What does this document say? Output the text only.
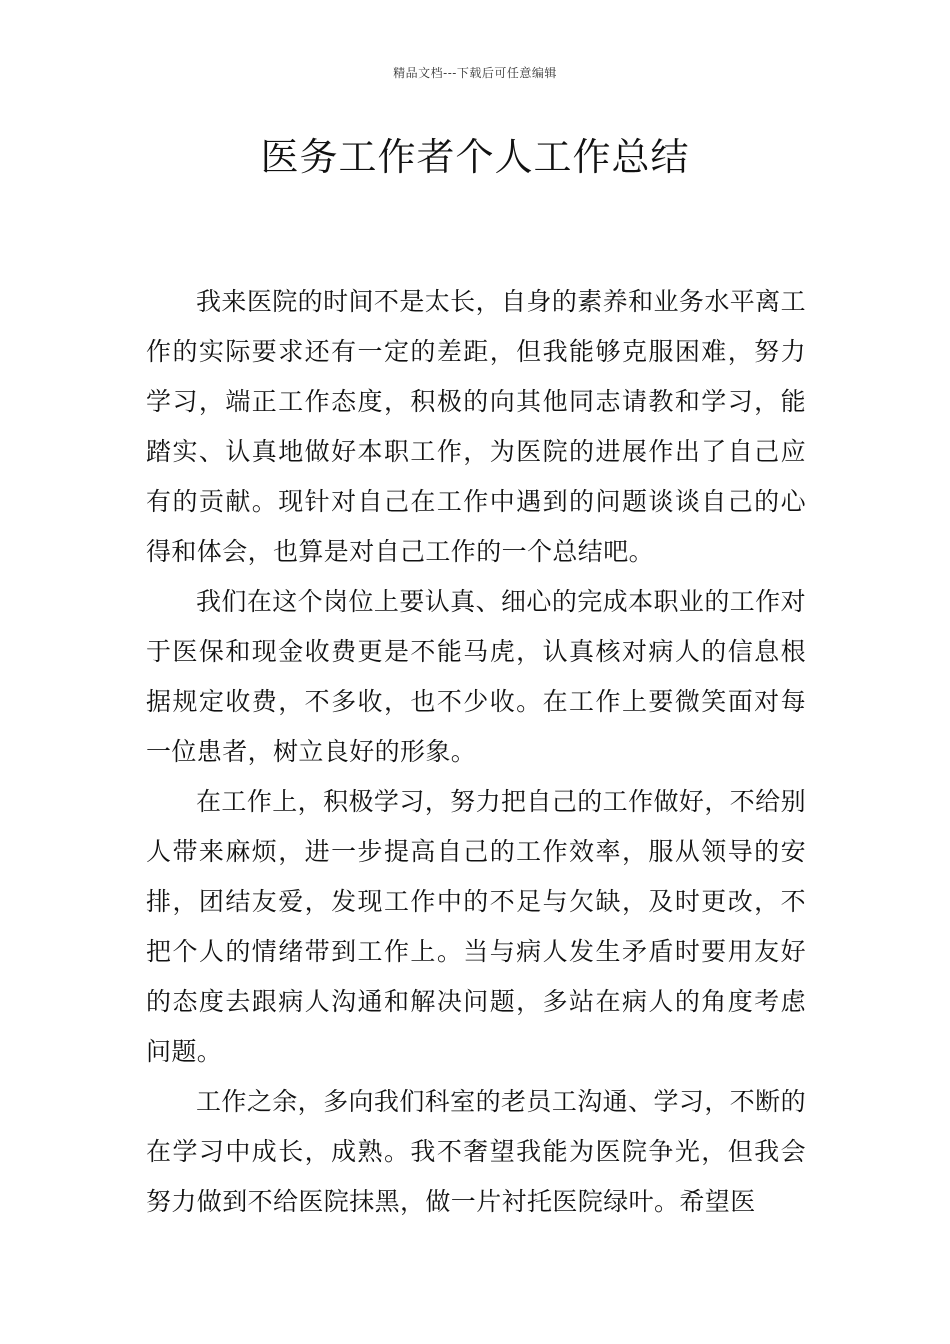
精品文档---下载后可任意编辑
医务工作者个人工作总结

我来医院的时间不是太长，自身的素养和业务水平离工作的实际要求还有一定的差距，但我能够克服困难，努力学习，端正工作态度，积极的向其他同志请教和学习，能踏实、认真地做好本职工作，为医院的进展作出了自己应有的贡献。现针对自己在工作中遇到的问题谈谈自己的心得和体会，也算是对自己工作的一个总结吧。

我们在这个岗位上要认真、细心的完成本职业的工作对于医保和现金收费更是不能马虎，认真核对病人的信息根据规定收费，不多收，也不少收。在工作上要微笑面对每一位患者，树立良好的形象。

在工作上，积极学习，努力把自己的工作做好，不给别人带来麻烦，进一步提高自己的工作效率，服从领导的安排，团结友爱，发现工作中的不足与欠缺，及时更改，不把个人的情绪带到工作上。当与病人发生矛盾时要用友好的态度去跟病人沟通和解决问题，多站在病人的角度考虑问题。

工作之余，多向我们科室的老员工沟通、学习，不断的在学习中成长，成熟。我不奢望我能为医院争光，但我会努力做到不给医院抹黑，做一片衬托医院绿叶。希望医
